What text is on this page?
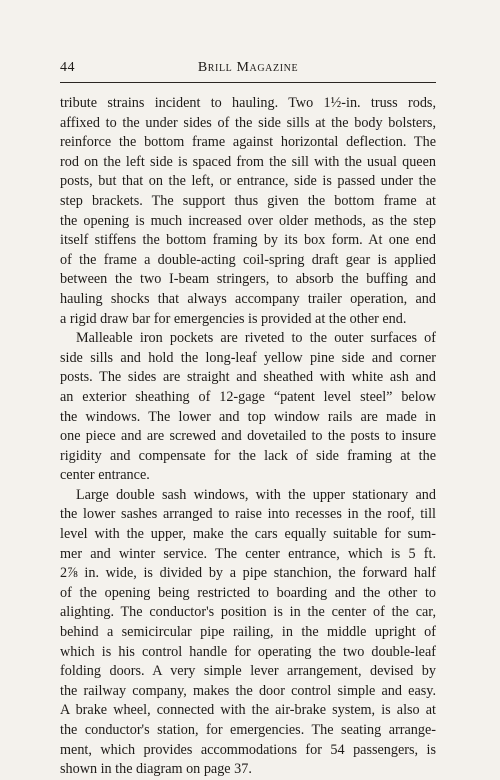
44	Brill Magazine
tribute strains incident to hauling. Two 1½-in. truss rods,
affixed to the under sides of the side sills at the body bolsters,
reinforce the bottom frame against horizontal deflection. The
rod on the left side is spaced from the sill with the usual queen
posts, but that on the left, or entrance, side is passed under the
step brackets. The support thus given the bottom frame at
the opening is much increased over older methods, as the step
itself stiffens the bottom framing by its box form. At one end
of the frame a double-acting coil-spring draft gear is applied
between the two I-beam stringers, to absorb the buffing and
hauling shocks that always accompany trailer operation, and
a rigid draw bar for emergencies is provided at the other end.
Malleable iron pockets are riveted to the outer surfaces of
side sills and hold the long-leaf yellow pine side and corner
posts. The sides are straight and sheathed with white ash and
an exterior sheathing of 12-gage “patent level steel” below
the windows. The lower and top window rails are made in
one piece and are screwed and dovetailed to the posts to insure
rigidity and compensate for the lack of side framing at the
center entrance.
Large double sash windows, with the upper stationary and
the lower sashes arranged to raise into recesses in the roof, till
level with the upper, make the cars equally suitable for sum-
mer and winter service. The center entrance, which is 5 ft.
2⅞ in. wide, is divided by a pipe stanchion, the forward half
of the opening being restricted to boarding and the other to
alighting. The conductor's position is in the center of the car,
behind a semicircular pipe railing, in the middle upright of
which is his control handle for operating the two double-leaf
folding doors. A very simple lever arrangement, devised by
the railway company, makes the door control simple and easy.
A brake wheel, connected with the air-brake system, is also at
the conductor's station, for emergencies. The seating arrange-
ment, which provides accommodations for 54 passengers, is
shown in the diagram on page 37.
